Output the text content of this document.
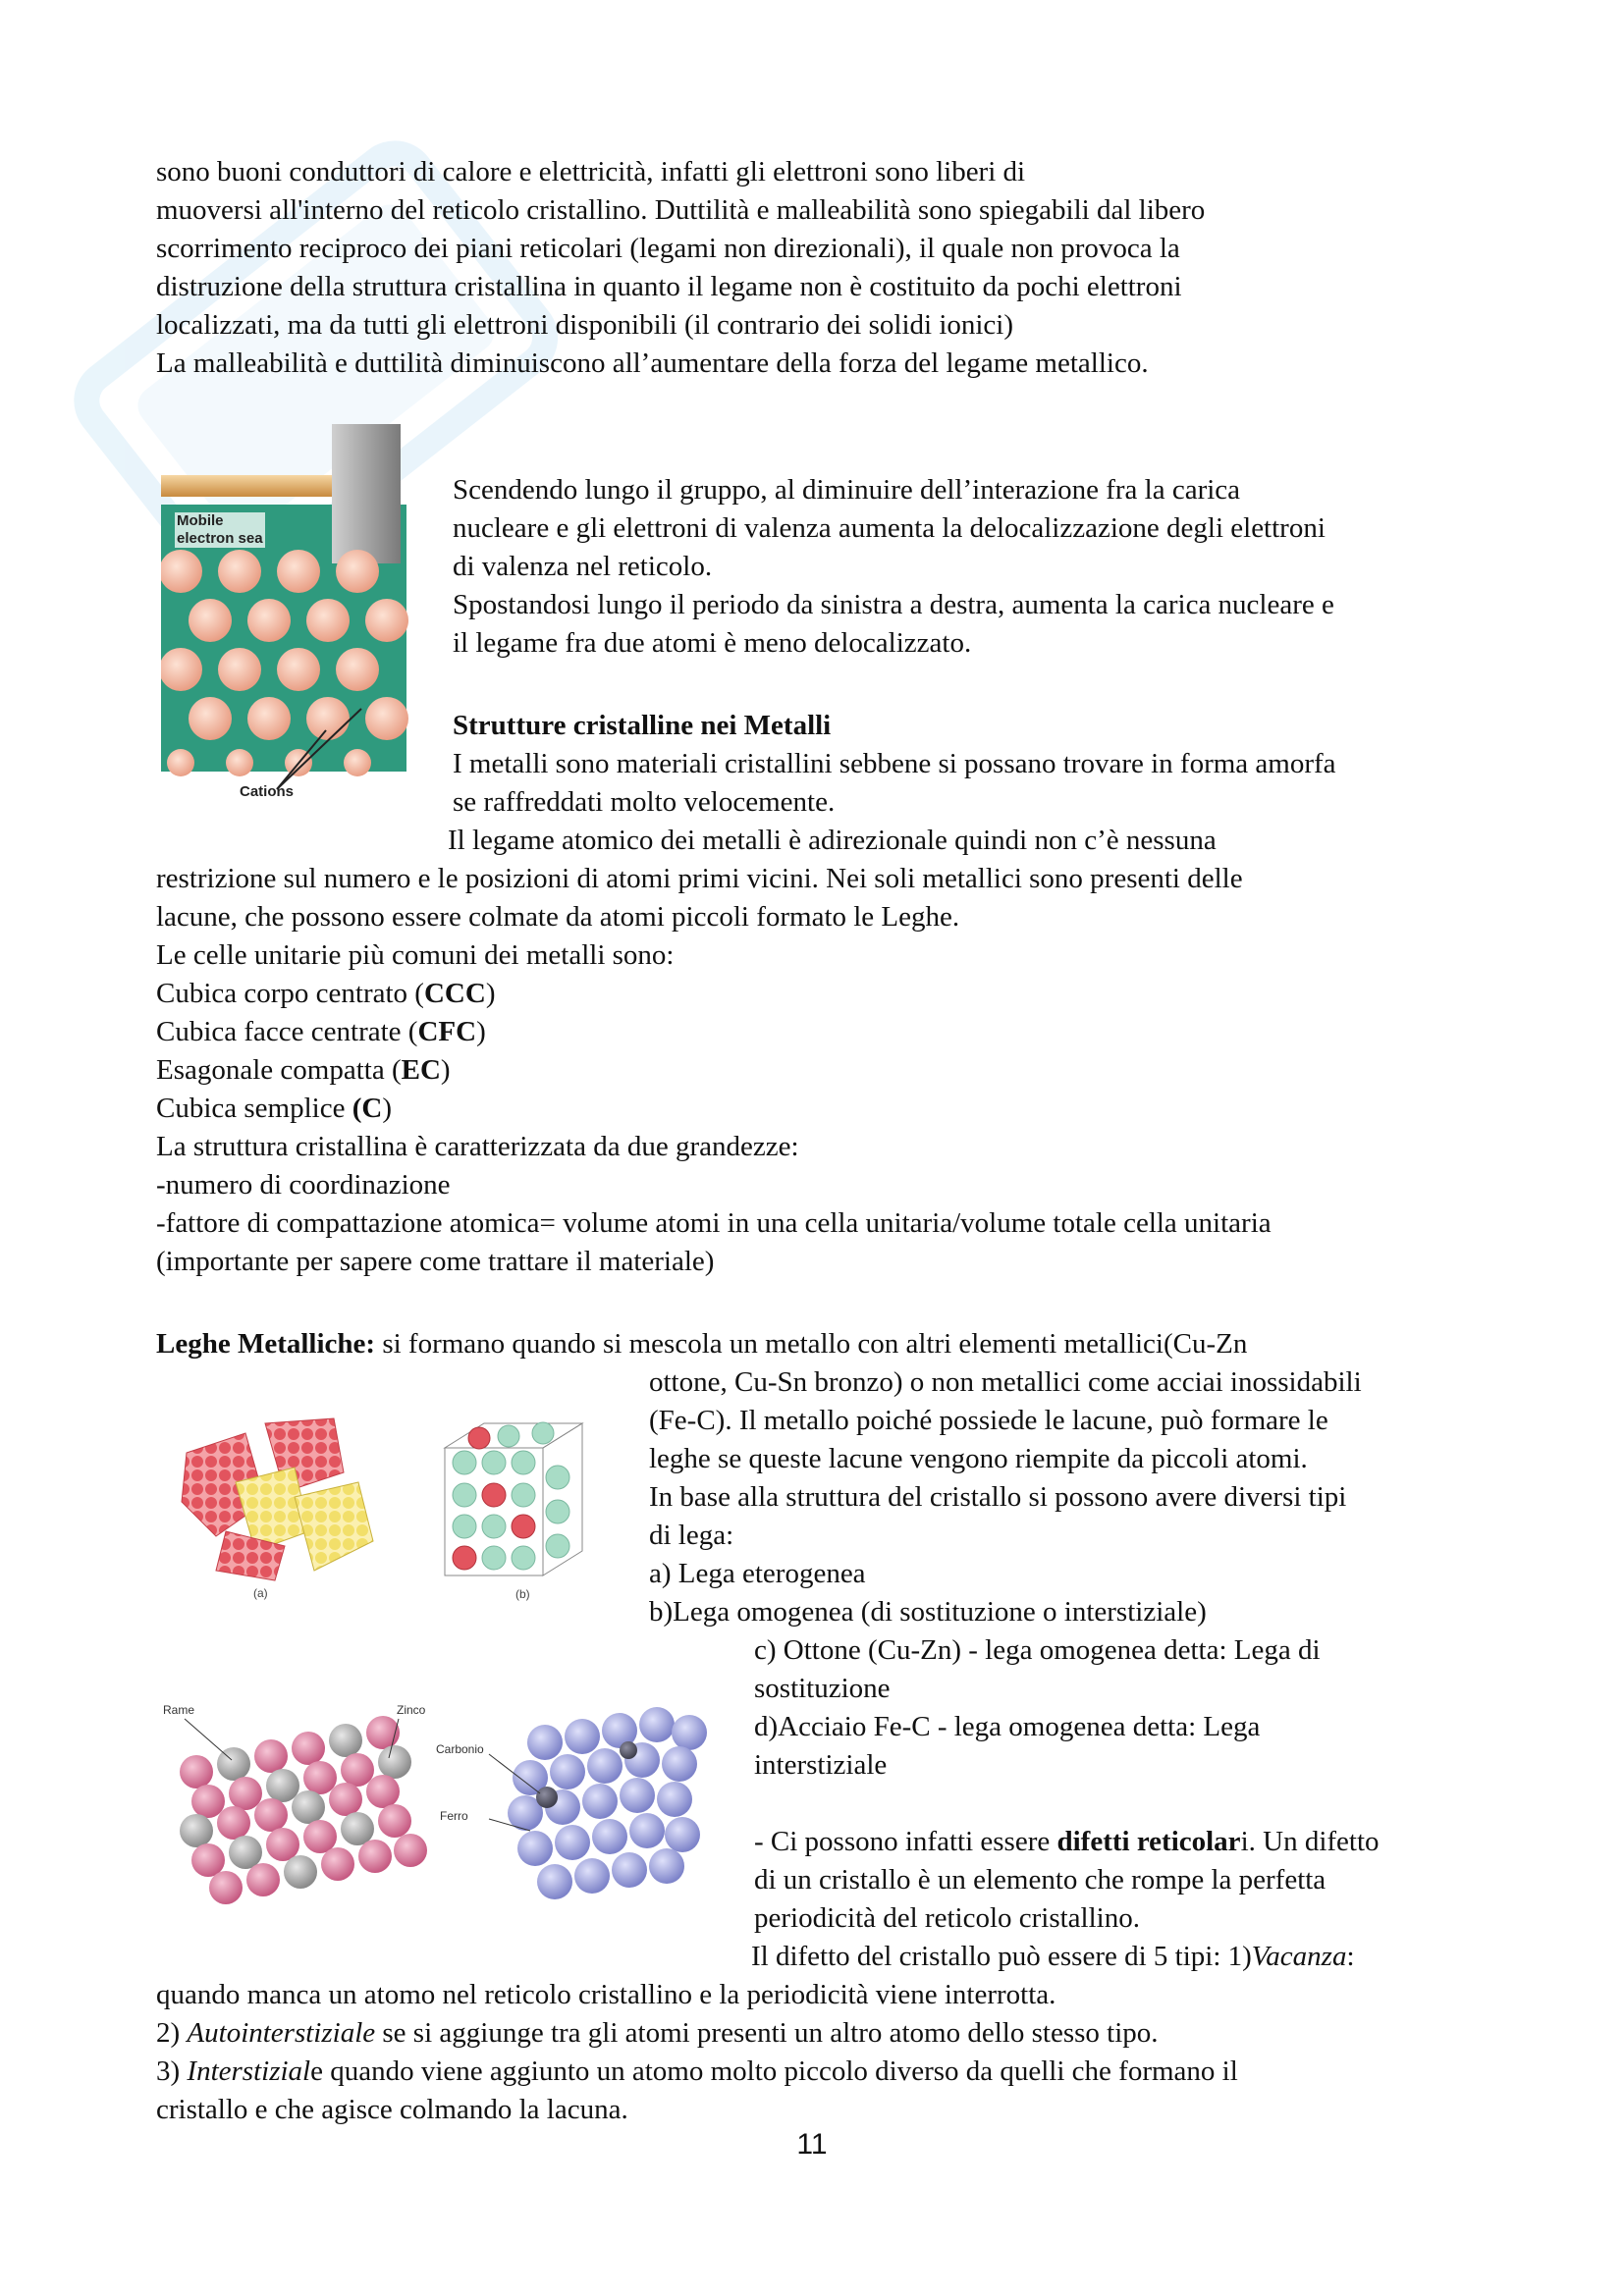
sono buoni conduttori di calore e elettricità, infatti gli elettroni sono liberi di
muoversi all'interno del reticolo cristallino. Duttilità e malleabilità sono spiegabili dal libero
scorrimento reciproco dei piani reticolari (legami non direzionali), il quale non provoca la
distruzione della struttura cristallina in quanto il legame non è costituito da pochi elettroni
localizzati, ma da tutti gli elettroni disponibili (il contrario dei solidi ionici)
La malleabilità e duttilità diminuiscono all’aumentare della forza del legame metallico.
Mobile
electron sea
Cations
Scendendo lungo il gruppo, al diminuire dell’interazione fra la carica
nucleare e gli elettroni di valenza aumenta la delocalizzazione degli elettroni
di valenza nel reticolo.
Spostandosi lungo il periodo da sinistra a destra, aumenta la carica nucleare e
il legame fra due atomi è meno delocalizzato.
Strutture cristalline nei Metalli
I metalli sono materiali cristallini sebbene si possano trovare in forma amorfa
se raffreddati molto velocemente.
Il legame atomico dei metalli è adirezionale quindi non c’è nessuna
restrizione sul numero e le posizioni di atomi primi vicini. Nei soli metallici sono presenti delle
lacune, che possono essere colmate da atomi piccoli formato le Leghe.
Le celle unitarie più comuni dei metalli sono:
Cubica corpo centrato (CCC)
Cubica facce centrate (CFC)
Esagonale compatta (EC)
Cubica semplice (C)
La struttura cristallina è caratterizzata da due grandezze:
-numero di coordinazione
-fattore di compattazione atomica= volume atomi in una cella unitaria/volume totale cella unitaria
(importante per sapere come trattare il materiale)
Leghe Metalliche: si formano quando si mescola un metallo con altri elementi metallici(Cu-Zn
ottone, Cu-Sn bronzo) o non metallici come acciai inossidabili
(Fe-C). Il metallo poiché possiede le lacune, può formare le
leghe se queste lacune vengono riempite da piccoli atomi.
In base alla struttura del cristallo si possono avere diversi tipi
di lega:
a) Lega eterogenea
b)Lega omogenea (di sostituzione o interstiziale)
c) Ottone (Cu-Zn) - lega omogenea detta: Lega di
sostituzione
d)Acciaio Fe-C - lega omogenea detta: Lega
interstiziale
(a)	(b)
Rame	Zinco
Carbonio
Ferro
- Ci possono infatti essere difetti reticolari. Un difetto
di un cristallo è un elemento che rompe la perfetta
periodicità del reticolo cristallino.
Il difetto del cristallo può essere di 5 tipi: 1)Vacanza:
quando manca un atomo nel reticolo cristallino e la periodicità viene interrotta.
2) Autointerstiziale se si aggiunge tra gli atomi presenti un altro atomo dello stesso tipo.
3) Interstiziale quando viene aggiunto un atomo molto piccolo diverso da quelli che formano il
cristallo e che agisce colmando la lacuna.
11
